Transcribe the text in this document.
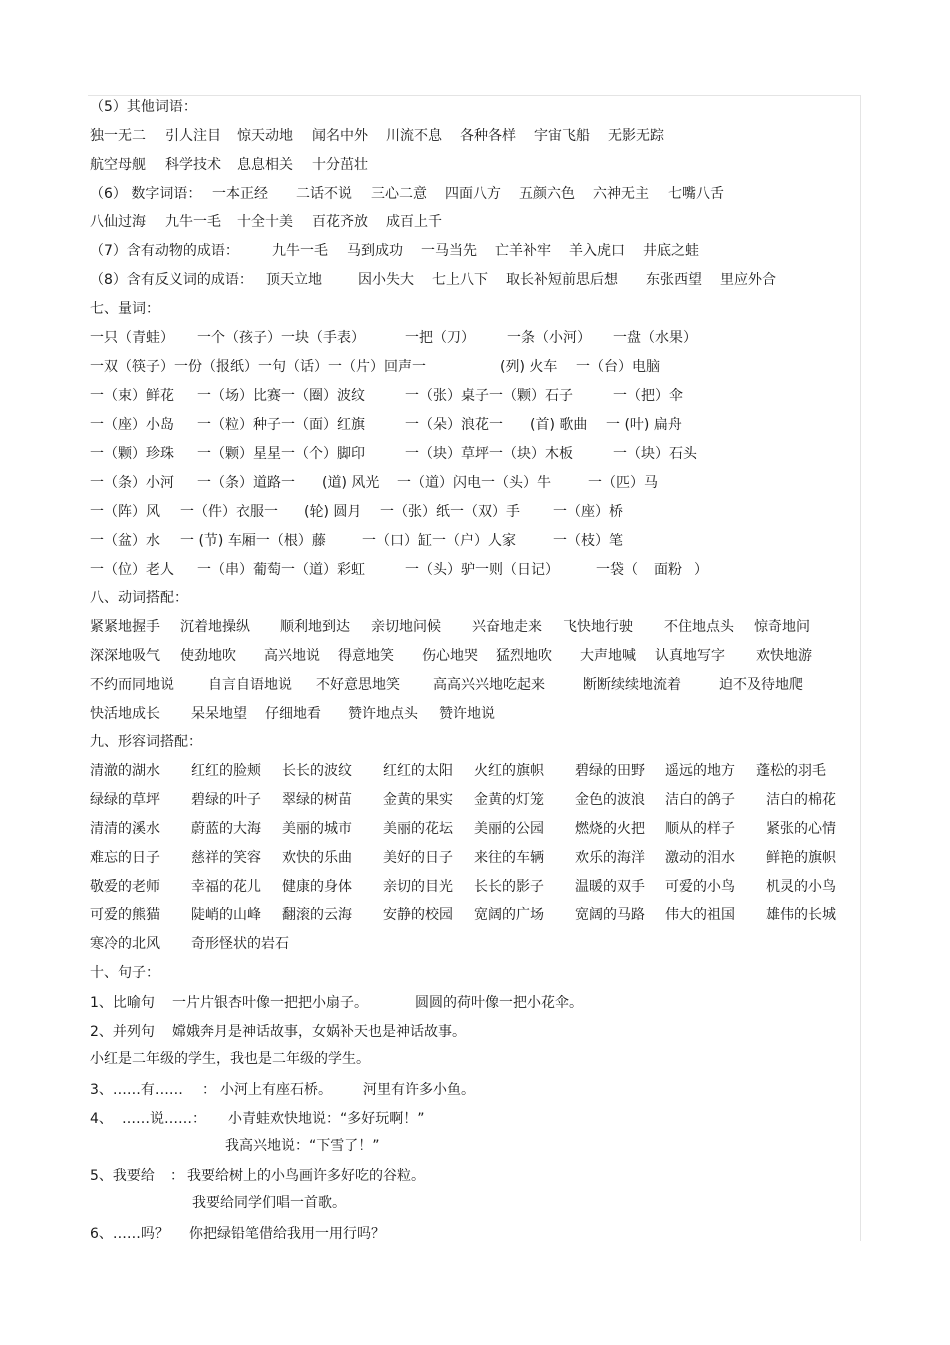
（5）其他词语：
独一无二 引人注目 惊天动地 闻名中外 川流不息 各种各样 宇宙飞船 无影无踪
航空母舰 科学技术 息息相关 十分茁壮
（6） 数字词语： 一本正经 二话不说 三心二意 四面八方 五颜六色 六神无主 七嘴八舌
八仙过海 九牛一毛 十全十美 百花齐放 成百上千
（7）含有动物的成语： 九牛一毛 马到成功 一马当先 亡羊补牢 羊入虎口 井底之蛙
（8）含有反义词的成语： 顶天立地	因小失大 七上八下 取长补短前思后想 东张西望 里应外合
七、量词：
一只（青蛙） 一个（孩子）一块（手表）	一把（刀） 一条（小河） 一盘（水果）
一双（筷子）一份（报纸）一句（话）一（片）回声一	(列) 火车 一（台）电脑
一（束）鲜花 一（场）比赛一（圈）波纹	一（张）桌子一（颗）石子	一（把）伞
一（座）小岛 一（粒）种子一（面）红旗	一（朵）浪花一 (首) 歌曲 一 (叶) 扁舟
一（颗）珍珠 一（颗）星星一（个）脚印	一（块）草坪一（块）木板	一（块）石头
一（条）小河 一（条）道路一 (道) 风光 一（道）闪电一（头）牛	一（匹）马
一（阵）风 一（件）衣服一 (轮) 圆月 一（张）纸一（双）手 一（座）桥
一（盆）水 一 (节) 车厢一（根）藤	一（口）缸一（户）人家	一（枝）笔
一（位）老人 一（串）葡萄一（道）彩虹	一（头）驴一则（日记）	一袋（ 面粉 ）
八、动词搭配：
紧紧地握手 沉着地操纵 顺利地到达 亲切地问候 兴奋地走来 飞快地行驶 不住地点头 惊奇地问
深深地吸气 使劲地吹 高兴地说 得意地笑 伤心地哭 猛烈地吹 大声地喊 认真地写字 欢快地游
不约而同地说 自言自语地说 不好意思地笑 高高兴兴地吃起来	断断续续地流着	迫不及待地爬
快活地成长 呆呆地望 仔细地看 赞许地点头 赞许地说
九、形容词搭配：
清澈的湖水 红红的脸颊 长长的波纹 红红的太阳 火红的旗帜 碧绿的田野 遥远的地方 蓬松的羽毛
绿绿的草坪 碧绿的叶子 翠绿的树苗 金黄的果实 金黄的灯笼 金色的波浪 洁白的鸽子 洁白的棉花
清清的溪水 蔚蓝的大海 美丽的城市 美丽的花坛 美丽的公园 燃烧的火把 顺从的样子 紧张的心情
难忘的日子 慈祥的笑容 欢快的乐曲 美好的日子 来往的车辆 欢乐的海洋 激动的泪水 鲜艳的旗帜
敬爱的老师 幸福的花儿 健康的身体 亲切的目光 长长的影子 温暖的双手 可爱的小鸟 机灵的小鸟
可爱的熊猫 陡峭的山峰 翻滚的云海 安静的校园 宽阔的广场 宽阔的马路 伟大的祖国 雄伟的长城
寒冷的北风 奇形怪状的岩石
十、句子：
1、比喻句 一片片银杏叶像一把把小扇子。	圆圆的荷叶像一把小花伞。
2、并列句 嫦娥奔月是神话故事，女娲补天也是神话故事。
小红是二年级的学生，我也是二年级的学生。
3、……有…… ： 小河上有座石桥。 河里有许多小鱼。
4、 ……说……： 小青蛙欢快地说：“多好玩啊！”
我高兴地说：“下雪了！”
5、我要给 ： 我要给树上的小鸟画许多好吃的谷粒。
我要给同学们唱一首歌。
6、……吗？ 你把绿铅笔借给我用一用行吗？
